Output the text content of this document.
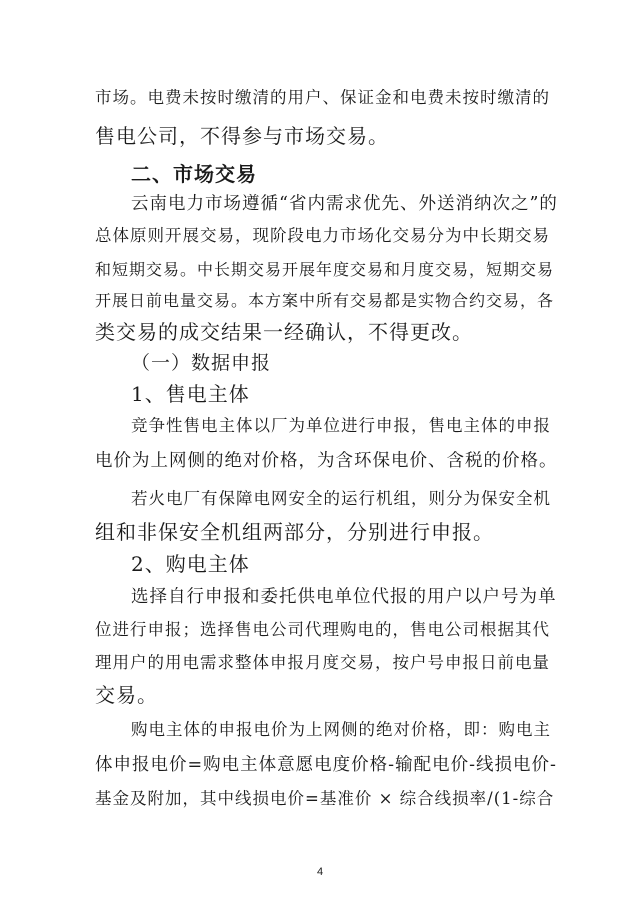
市场。电费未按时缴清的用户、保证金和电费未按时缴清的
售电公司，不得参与市场交易。
二、市场交易
云南电力市场遵循“省内需求优先、外送消纳次之”的
总体原则开展交易，现阶段电力市场化交易分为中长期交易
和短期交易。中长期交易开展年度交易和月度交易，短期交易
开展日前电量交易。本方案中所有交易都是实物合约交易，各
类交易的成交结果一经确认，不得更改。
（一）数据申报
1、售电主体
竞争性售电主体以厂为单位进行申报，售电主体的申报
电价为上网侧的绝对价格，为含环保电价、含税的价格。
若火电厂有保障电网安全的运行机组，则分为保安全机
组和非保安全机组两部分，分别进行申报。
2、购电主体
选择自行申报和委托供电单位代报的用户以户号为单
位进行申报；选择售电公司代理购电的，售电公司根据其代
理用户的用电需求整体申报月度交易，按户号申报日前电量
交易。
购电主体的申报电价为上网侧的绝对价格，即：购电主
体申报电价=购电主体意愿电度价格-输配电价-线损电价-
基金及附加，其中线损电价=基准价 × 综合线损率/(1-综合
4
